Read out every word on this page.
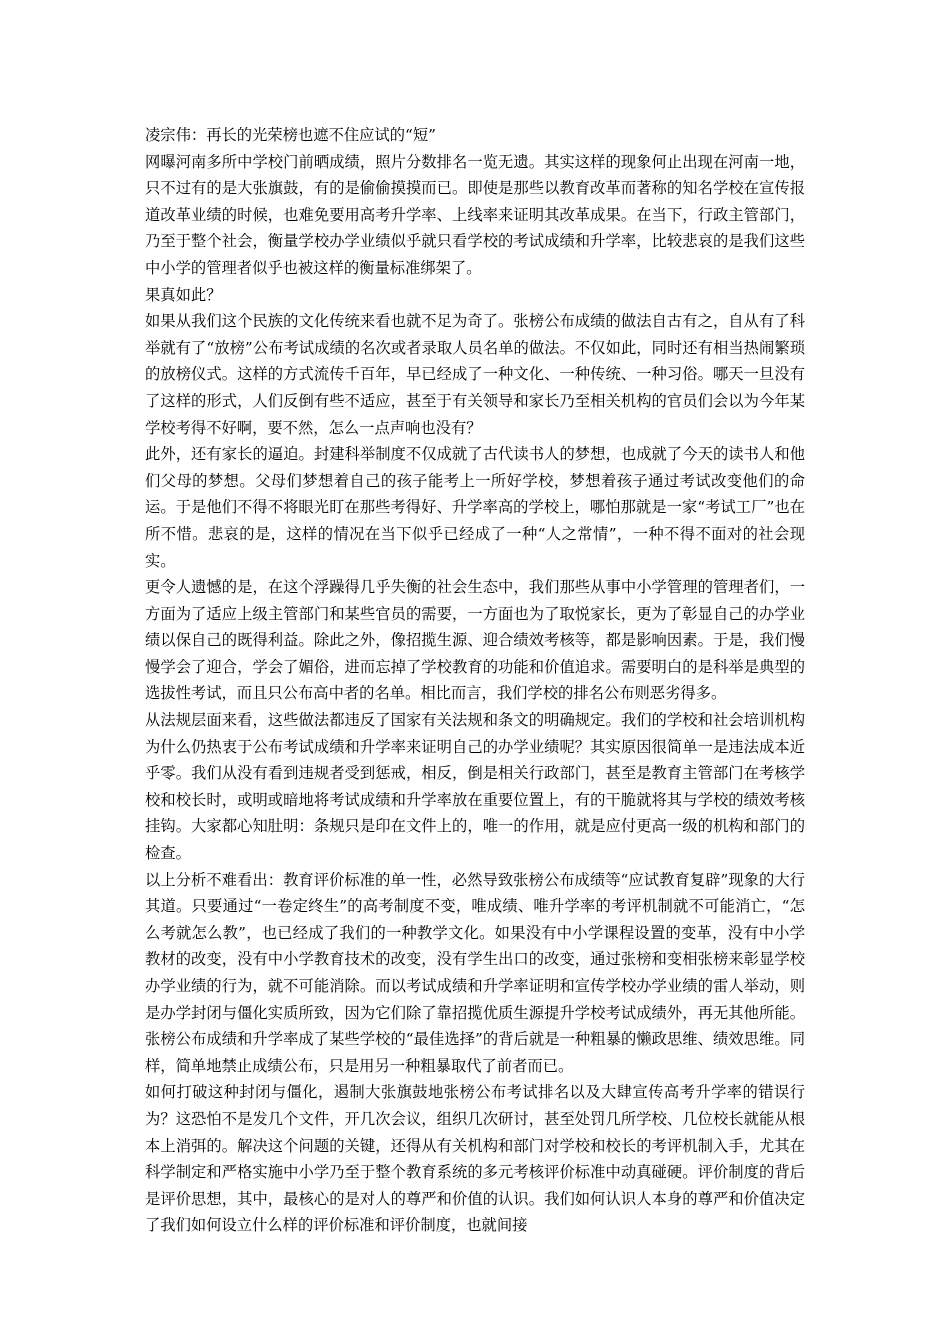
凌宗伟：再长的光荣榜也遮不住应试的“短”

网曝河南多所中学校门前晒成绩，照片分数排名一览无遗。其实这样的现象何止出现在河南一地，只不过有的是大张旗鼓，有的是偷偷摸摸而已。即使是那些以教育改革而著称的知名学校在宣传报道改革业绩的时候，也难免要用高考升学率、上线率来证明其改革成果。在当下，行政主管部门，乃至于整个社会，衡量学校办学业绩似乎就只看学校的考试成绩和升学率，比较悲哀的是我们这些中小学的管理者似乎也被这样的衡量标准绑架了。

果真如此？

如果从我们这个民族的文化传统来看也就不足为奇了。张榜公布成绩的做法自古有之，自从有了科举就有了“放榜”公布考试成绩的名次或者录取人员名单的做法。不仅如此，同时还有相当热闹繁琐的放榜仪式。这样的方式流传千百年，早已经成了一种文化、一种传统、一种习俗。哪天一旦没有了这样的形式，人们反倒有些不适应，甚至于有关领导和家长乃至相关机构的官员们会以为今年某学校考得不好啊，要不然，怎么一点声响也没有？

此外，还有家长的逼迫。封建科举制度不仅成就了古代读书人的梦想，也成就了今天的读书人和他们父母的梦想。父母们梦想着自己的孩子能考上一所好学校，梦想着孩子通过考试改变他们的命运。于是他们不得不将眼光盯在那些考得好、升学率高的学校上，哪怕那就是一家“考试工厂”也在所不惜。悲哀的是，这样的情况在当下似乎已经成了一种“人之常情”，一种不得不面对的社会现实。

更令人遗憾的是，在这个浮躁得几乎失衡的社会生态中，我们那些从事中小学管理的管理者们，一方面为了适应上级主管部门和某些官员的需要，一方面也为了取悦家长，更为了彰显自己的办学业绩以保自己的既得利益。除此之外，像招揽生源、迎合绩效考核等，都是影响因素。于是，我们慢慢学会了迎合，学会了媚俗，进而忘掉了学校教育的功能和价值追求。需要明白的是科举是典型的选拔性考试，而且只公布高中者的名单。相比而言，我们学校的排名公布则恶劣得多。

从法规层面来看，这些做法都违反了国家有关法规和条文的明确规定。我们的学校和社会培训机构为什么仍热衷于公布考试成绩和升学率来证明自己的办学业绩呢？其实原因很简单一是违法成本近乎零。我们从没有看到违规者受到惩戒，相反，倒是相关行政部门，甚至是教育主管部门在考核学校和校长时，或明或暗地将考试成绩和升学率放在重要位置上，有的干脆就将其与学校的绩效考核挂钩。大家都心知肚明：条规只是印在文件上的，唯一的作用，就是应付更高一级的机构和部门的检查。

以上分析不难看出：教育评价标准的单一性，必然导致张榜公布成绩等“应试教育复辟”现象的大行其道。只要通过“一卷定终生”的高考制度不变，唯成绩、唯升学率的考评机制就不可能消亡，“怎么考就怎么教”，也已经成了我们的一种教学文化。如果没有中小学课程设置的变革，没有中小学教材的改变，没有中小学教育技术的改变，没有学生出口的改变，通过张榜和变相张榜来彰显学校办学业绩的行为，就不可能消除。而以考试成绩和升学率证明和宣传学校办学业绩的雷人举动，则是办学封闭与僵化实质所致，因为它们除了靠招揽优质生源提升学校考试成绩外，再无其他所能。张榜公布成绩和升学率成了某些学校的“最佳选择”的背后就是一种粗暴的懒政思维、绩效思维。同样，简单地禁止成绩公布，只是用另一种粗暴取代了前者而已。

如何打破这种封闭与僵化，遏制大张旗鼓地张榜公布考试排名以及大肆宣传高考升学率的错误行为？这恐怕不是发几个文件，开几次会议，组织几次研讨，甚至处罚几所学校、几位校长就能从根本上消弭的。解决这个问题的关键，还得从有关机构和部门对学校和校长的考评机制入手，尤其在科学制定和严格实施中小学乃至于整个教育系统的多元考核评价标准中动真碰硬。评价制度的背后是评价思想，其中，最核心的是对人的尊严和价值的认识。我们如何认识人本身的尊严和价值决定了我们如何设立什么样的评价标准和评价制度，也就间接
